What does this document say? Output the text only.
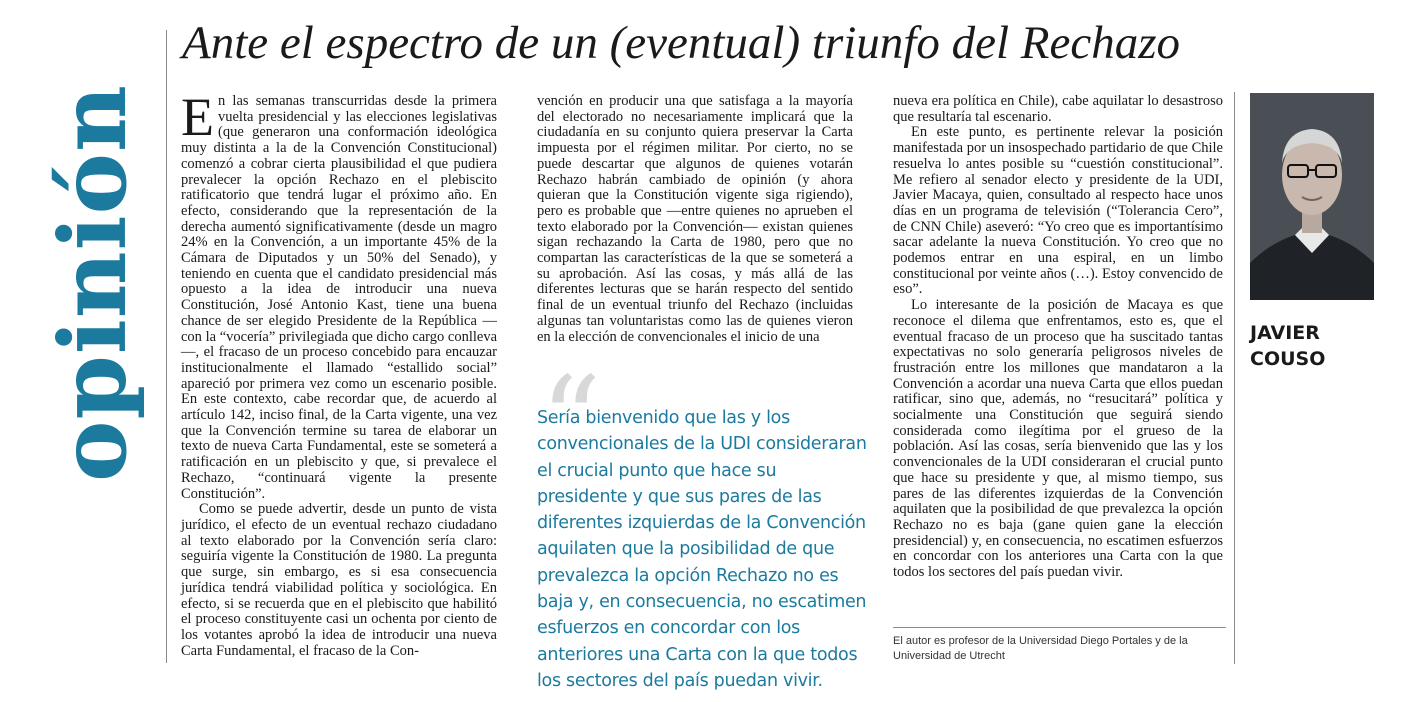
opinión
Ante el espectro de un (eventual) triunfo del Rechazo

En las semanas transcurridas desde la primera vuelta presidencial y las elecciones legislativas (que generaron una conformación ideológica muy distinta a la de la Convención Constitucional) comenzó a cobrar cierta plausibilidad el que pudiera prevalecer la opción Rechazo en el plebiscito ratificatorio que tendrá lugar el próximo año. En efecto, considerando que la representación de la derecha aumentó significativamente (desde un magro 24% en la Convención, a un importante 45% de la Cámara de Diputados y un 50% del Senado), y teniendo en cuenta que el candidato presidencial más opuesto a la idea de introducir una nueva Constitución, José Antonio Kast, tiene una buena chance de ser elegido Presidente de la República —con la “vocería” privilegiada que dicho cargo conlleva—, el fracaso de un proceso concebido para encauzar institucionalmente el llamado “estallido social” apareció por primera vez como un escenario posible. En este contexto, cabe recordar que, de acuerdo al artículo 142, inciso final, de la Carta vigente, una vez que la Convención termine su tarea de elaborar un texto de nueva Carta Fundamental, este se someterá a ratificación en un plebiscito y que, si prevalece el Rechazo, “continuará vigente la presente Constitución”.

Como se puede advertir, desde un punto de vista jurídico, el efecto de un eventual rechazo ciudadano al texto elaborado por la Convención sería claro: seguiría vigente la Constitución de 1980. La pregunta que surge, sin embargo, es si esa consecuencia jurídica tendrá viabilidad política y sociológica. En efecto, si se recuerda que en el plebiscito que habilitó el proceso constituyente casi un ochenta por ciento de los votantes aprobó la idea de introducir una nueva Carta Fundamental, el fracaso de la Con-

vención en producir una que satisfaga a la mayoría del electorado no necesariamente implicará que la ciudadanía en su conjunto quiera preservar la Carta impuesta por el régimen militar. Por cierto, no se puede descartar que algunos de quienes votarán Rechazo habrán cambiado de opinión (y ahora quieran que la Constitución vigente siga rigiendo), pero es probable que —entre quienes no aprueben el texto elaborado por la Convención— existan quienes sigan rechazando la Carta de 1980, pero que no compartan las características de la que se someterá a su aprobación. Así las cosas, y más allá de las diferentes lecturas que se harán respecto del sentido final de un eventual triunfo del Rechazo (incluidas algunas tan voluntaristas como las de quienes vieron en la elección de convencionales el inicio de una

“

Sería bienvenido que las y los convencionales de la UDI consideraran el crucial punto que hace su presidente y que sus pares de las diferentes izquierdas de la Convención aquilaten que la posibilidad de que prevalezca la opción Rechazo no es baja y, en consecuencia, no escatimen esfuerzos en concordar con los anteriores una Carta con la que todos los sectores del país puedan vivir.

nueva era política en Chile), cabe aquilatar lo desastroso que resultaría tal escenario.

En este punto, es pertinente relevar la posición manifestada por un insospechado partidario de que Chile resuelva lo antes posible su “cuestión constitucional”. Me refiero al senador electo y presidente de la UDI, Javier Macaya, quien, consultado al respecto hace unos días en un programa de televisión (“Tolerancia Cero”, de CNN Chile) aseveró: “Yo creo que es importantísimo sacar adelante la nueva Constitución. Yo creo que no podemos entrar en una espiral, en un limbo constitucional por veinte años (…). Estoy convencido de eso”.

Lo interesante de la posición de Macaya es que reconoce el dilema que enfrentamos, esto es, que el eventual fracaso de un proceso que ha suscitado tantas expectativas no solo generaría peligrosos niveles de frustración entre los millones que mandataron a la Convención a acordar una nueva Carta que ellos puedan ratificar, sino que, además, no “resucitará” política y socialmente una Constitución que seguirá siendo considerada como ilegítima por el grueso de la población. Así las cosas, sería bienvenido que las y los convencionales de la UDI consideraran el crucial punto que hace su presidente y que, al mismo tiempo, sus pares de las diferentes izquierdas de la Convención aquilaten que la posibilidad de que prevalezca la opción Rechazo no es baja (gane quien gane la elección presidencial) y, en consecuencia, no escatimen esfuerzos en concordar con los anteriores una Carta con la que todos los sectores del país puedan vivir.

El autor es profesor de la Universidad Diego Portales y de la Universidad de Utrecht

JAVIER COUSO
